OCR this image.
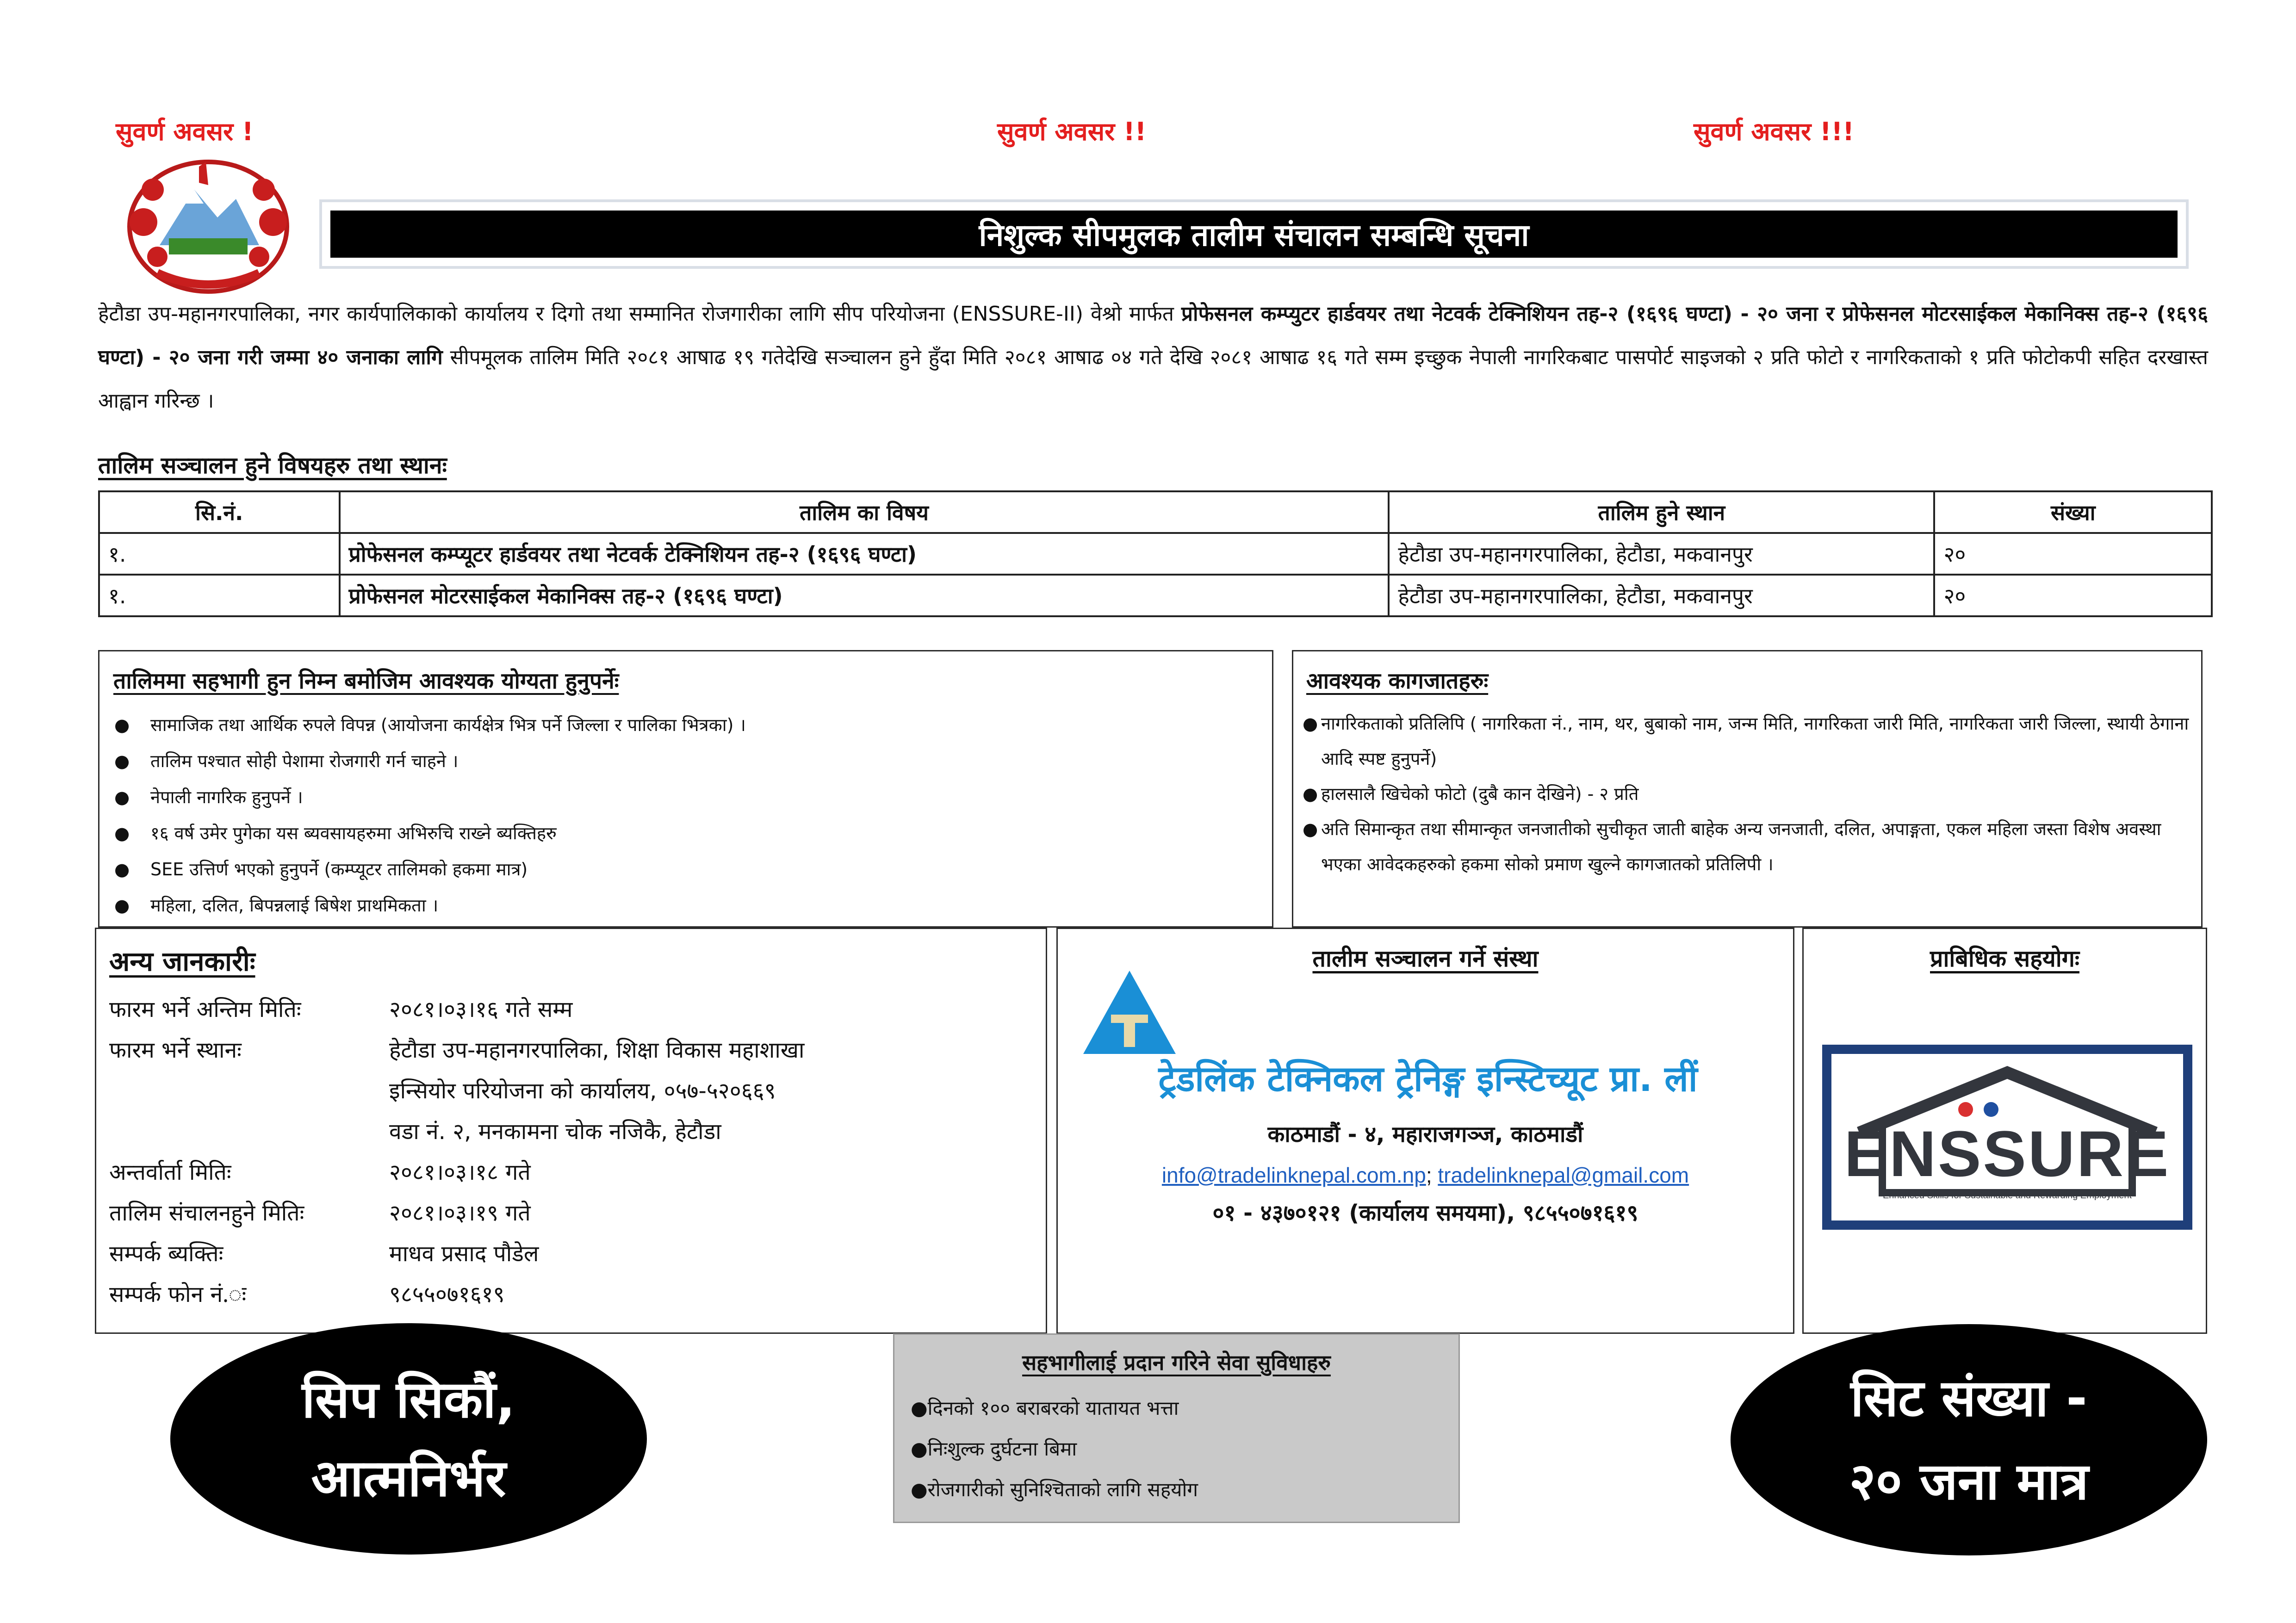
सुवर्ण अवसर !	सुवर्ण अवसर !!	सुवर्ण अवसर !!!
निशुल्क सीपमुलक तालीम संचालन सम्बन्धि सूचना
हेटौडा उप-महानगरपालिका, नगर कार्यपालिकाको कार्यालय र दिगो तथा सम्मानित रोजगारीका लागि सीप परियोजना (ENSSURE-II) वेश्रो मार्फत प्रोफेसनल कम्प्युटर हार्डवयर तथा नेटवर्क टेक्निशियन तह-२ (१६९६ घण्टा) - २० जना र प्रोफेसनल मोटरसाईकल मेकानिक्स तह-२ (१६९६ घण्टा) - २० जना गरी जम्मा ४० जनाका लागि सीपमूलक तालिम मिति २०८१ आषाढ १९ गतेदेखि सञ्चालन हुने हुँदा मिति २०८१ आषाढ ०४ गते देखि २०८१ आषाढ १६ गते सम्म इच्छुक नेपाली नागरिकबाट पासपोर्ट साइजको २ प्रति फोटो र नागरिकताको १ प्रति फोटोकपी सहित दरखास्त आह्वान गरिन्छ ।
तालिम सञ्चालन हुने विषयहरु तथा स्थानः
सि.नं.	तालिम का विषय	तालिम हुने स्थान	संख्या
१.	प्रोफेसनल कम्प्यूटर हार्डवयर तथा नेटवर्क टेक्निशियन तह-२ (१६९६ घण्टा)	हेटौडा उप-महानगरपालिका, हेटौडा, मकवानपुर	२०
१.	प्रोफेसनल मोटरसाईकल मेकानिक्स तह-२ (१६९६ घण्टा)	हेटौडा उप-महानगरपालिका, हेटौडा, मकवानपुर	२०
तालिममा सहभागी हुन निम्न बमोजिम आवश्यक योग्यता हुनुपर्नेः
● सामाजिक तथा आर्थिक रुपले विपन्न (आयोजना कार्यक्षेत्र भित्र पर्ने जिल्ला र पालिका भित्रका) ।
● तालिम पश्चात सोही पेशामा रोजगारी गर्न चाहने ।
● नेपाली नागरिक हुनुपर्ने ।
● १६ वर्ष उमेर पुगेका यस ब्यवसायहरुमा अभिरुचि राख्ने ब्यक्तिहरु
● SEE उत्तिर्ण भएको हुनुपर्ने (कम्प्यूटर तालिमको हकमा मात्र)
● महिला, दलित, बिपन्नलाई बिषेश प्राथमिकता ।
आवश्यक कागजातहरुः
● नागरिकताको प्रतिलिपि ( नागरिकता नं., नाम, थर, बुबाको नाम, जन्म मिति, नागरिकता जारी मिति, नागरिकता जारी जिल्ला, स्थायी ठेगाना आदि स्पष्ट हुनुपर्ने)
● हालसालै खिचेको फोटो (दुबै कान देखिने) - २ प्रति
● अति सिमान्कृत तथा सीमान्कृत जनजातीको सुचीकृत जाती बाहेक अन्य जनजाती, दलित, अपाङ्गता, एकल महिला जस्ता विशेष अवस्था भएका आवेदकहरुको हकमा सोको प्रमाण खुल्ने कागजातको प्रतिलिपी ।
अन्य जानकारीः
फारम भर्ने अन्तिम मितिः	२०८१।०३।१६ गते सम्म
फारम भर्ने स्थानः	हेटौडा उप-महानगरपालिका, शिक्षा विकास महाशाखा
इन्सियोर परियोजना को कार्यालय, ०५७-५२०६६९
वडा नं. २, मनकामना चोक नजिकै, हेटौडा
अन्तर्वार्ता मितिः	२०८१।०३।१८ गते
तालिम संचालनहुने मितिः	२०८१।०३।१९ गते
सम्पर्क ब्यक्तिः	माधव प्रसाद पौडेल
सम्पर्क फोन नं.ः	९८५५०७१६१९
तालीम सञ्चालन गर्ने संस्था
ट्रेडलिंक टेक्निकल ट्रेनिङ्ग इन्स्टिच्यूट प्रा. लीं
काठमाडौं - ४, महाराजगञ्ज, काठमाडौं
info@tradelinknepal.com.np; tradelinknepal@gmail.com
०१ - ४३७०१२१ (कार्यालय समयमा), ९८५५०७१६१९
प्राबिधिक सहयोगः
ENSSURE
Enhanced Skills for Sustainable and Rewarding Employment
सहभागीलाई प्रदान गरिने सेवा सुविधाहरु
●दिनको १०० बराबरको यातायत भत्ता
●निःशुल्क दुर्घटना बिमा
●रोजगारीको सुनिश्चिताको लागि सहयोग
सिप सिकौं,
आत्मनिर्भर
सिट संख्या -
२० जना मात्र
